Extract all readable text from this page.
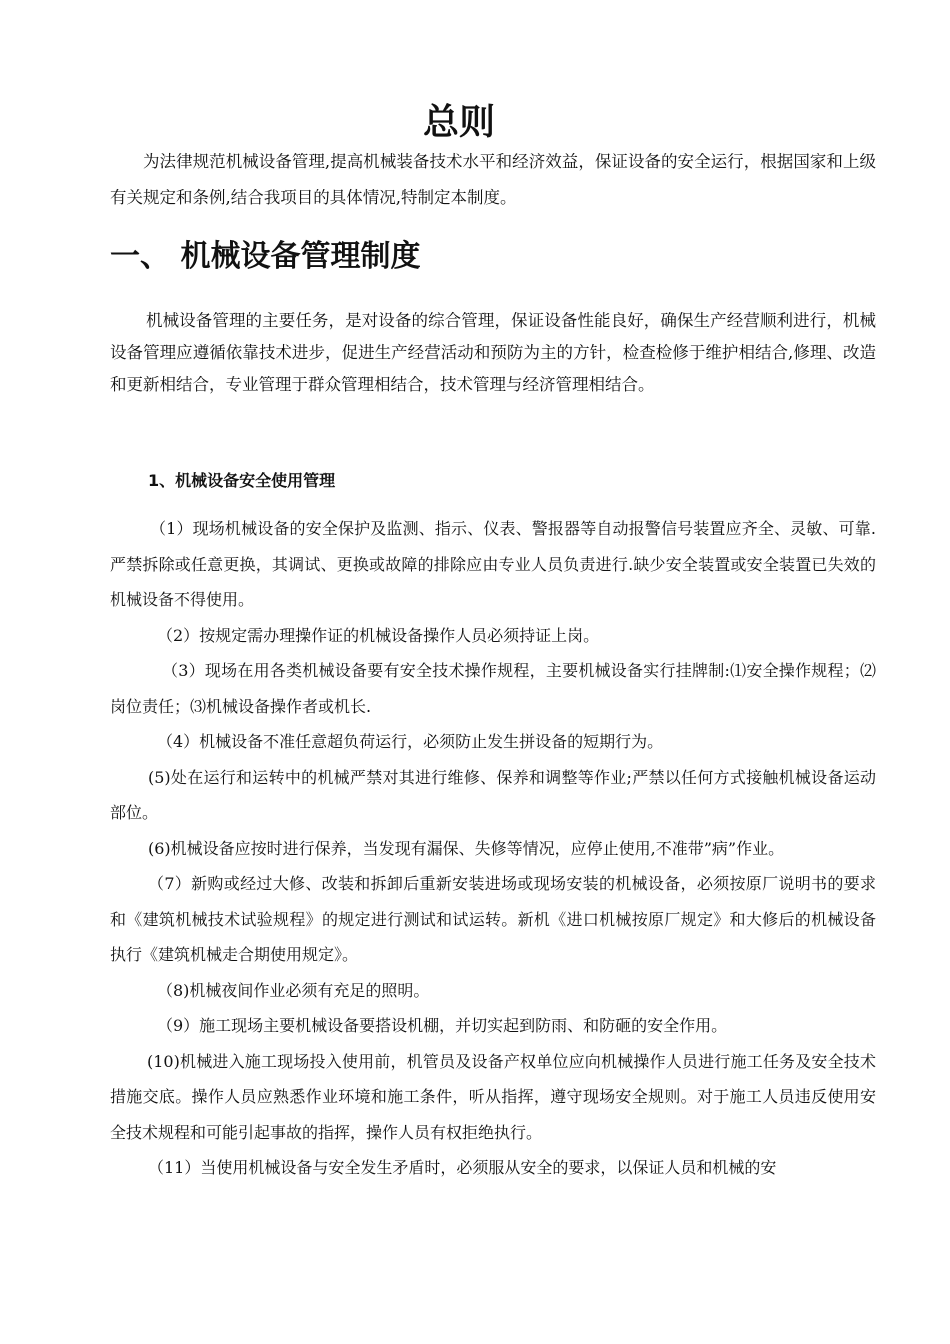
总则

为法律规范机械设备管理,提高机械装备技术水平和经济效益，保证设备的安全运行，根据国家和上级有关规定和条例,结合我项目的具体情况,特制定本制度。

一、 机械设备管理制度

机械设备管理的主要任务，是对设备的综合管理，保证设备性能良好，确保生产经营顺利进行，机械设备管理应遵循依靠技术进步，促进生产经营活动和预防为主的方针，检查检修于维护相结合,修理、改造和更新相结合，专业管理于群众管理相结合，技术管理与经济管理相结合。

1、机械设备安全使用管理

（1）现场机械设备的安全保护及监测、指示、仪表、警报器等自动报警信号装置应齐全、灵敏、可靠.严禁拆除或任意更换，其调试、更换或故障的排除应由专业人员负责进行.缺少安全装置或安全装置已失效的机械设备不得使用。

（2）按规定需办理操作证的机械设备操作人员必须持证上岗。

（3）现场在用各类机械设备要有安全技术操作规程，主要机械设备实行挂牌制:⑴安全操作规程；⑵岗位责任；⑶机械设备操作者或机长.

（4）机械设备不准任意超负荷运行，必须防止发生拼设备的短期行为。

(5)处在运行和运转中的机械严禁对其进行维修、保养和调整等作业;严禁以任何方式接触机械设备运动部位。

(6)机械设备应按时进行保养，当发现有漏保、失修等情况，应停止使用,不准带”病”作业。

（7）新购或经过大修、改装和拆卸后重新安装进场或现场安装的机械设备，必须按原厂说明书的要求和《建筑机械技术试验规程》的规定进行测试和试运转。新机《进口机械按原厂规定》和大修后的机械设备执行《建筑机械走合期使用规定》。

（8)机械夜间作业必须有充足的照明。

（9）施工现场主要机械设备要搭设机棚，并切实起到防雨、和防砸的安全作用。

(10)机械进入施工现场投入使用前，机管员及设备产权单位应向机械操作人员进行施工任务及安全技术措施交底。操作人员应熟悉作业环境和施工条件，听从指挥，遵守现场安全规则。对于施工人员违反使用安全技术规程和可能引起事故的指挥，操作人员有权拒绝执行。

（11）当使用机械设备与安全发生矛盾时，必须服从安全的要求，以保证人员和机械的安
